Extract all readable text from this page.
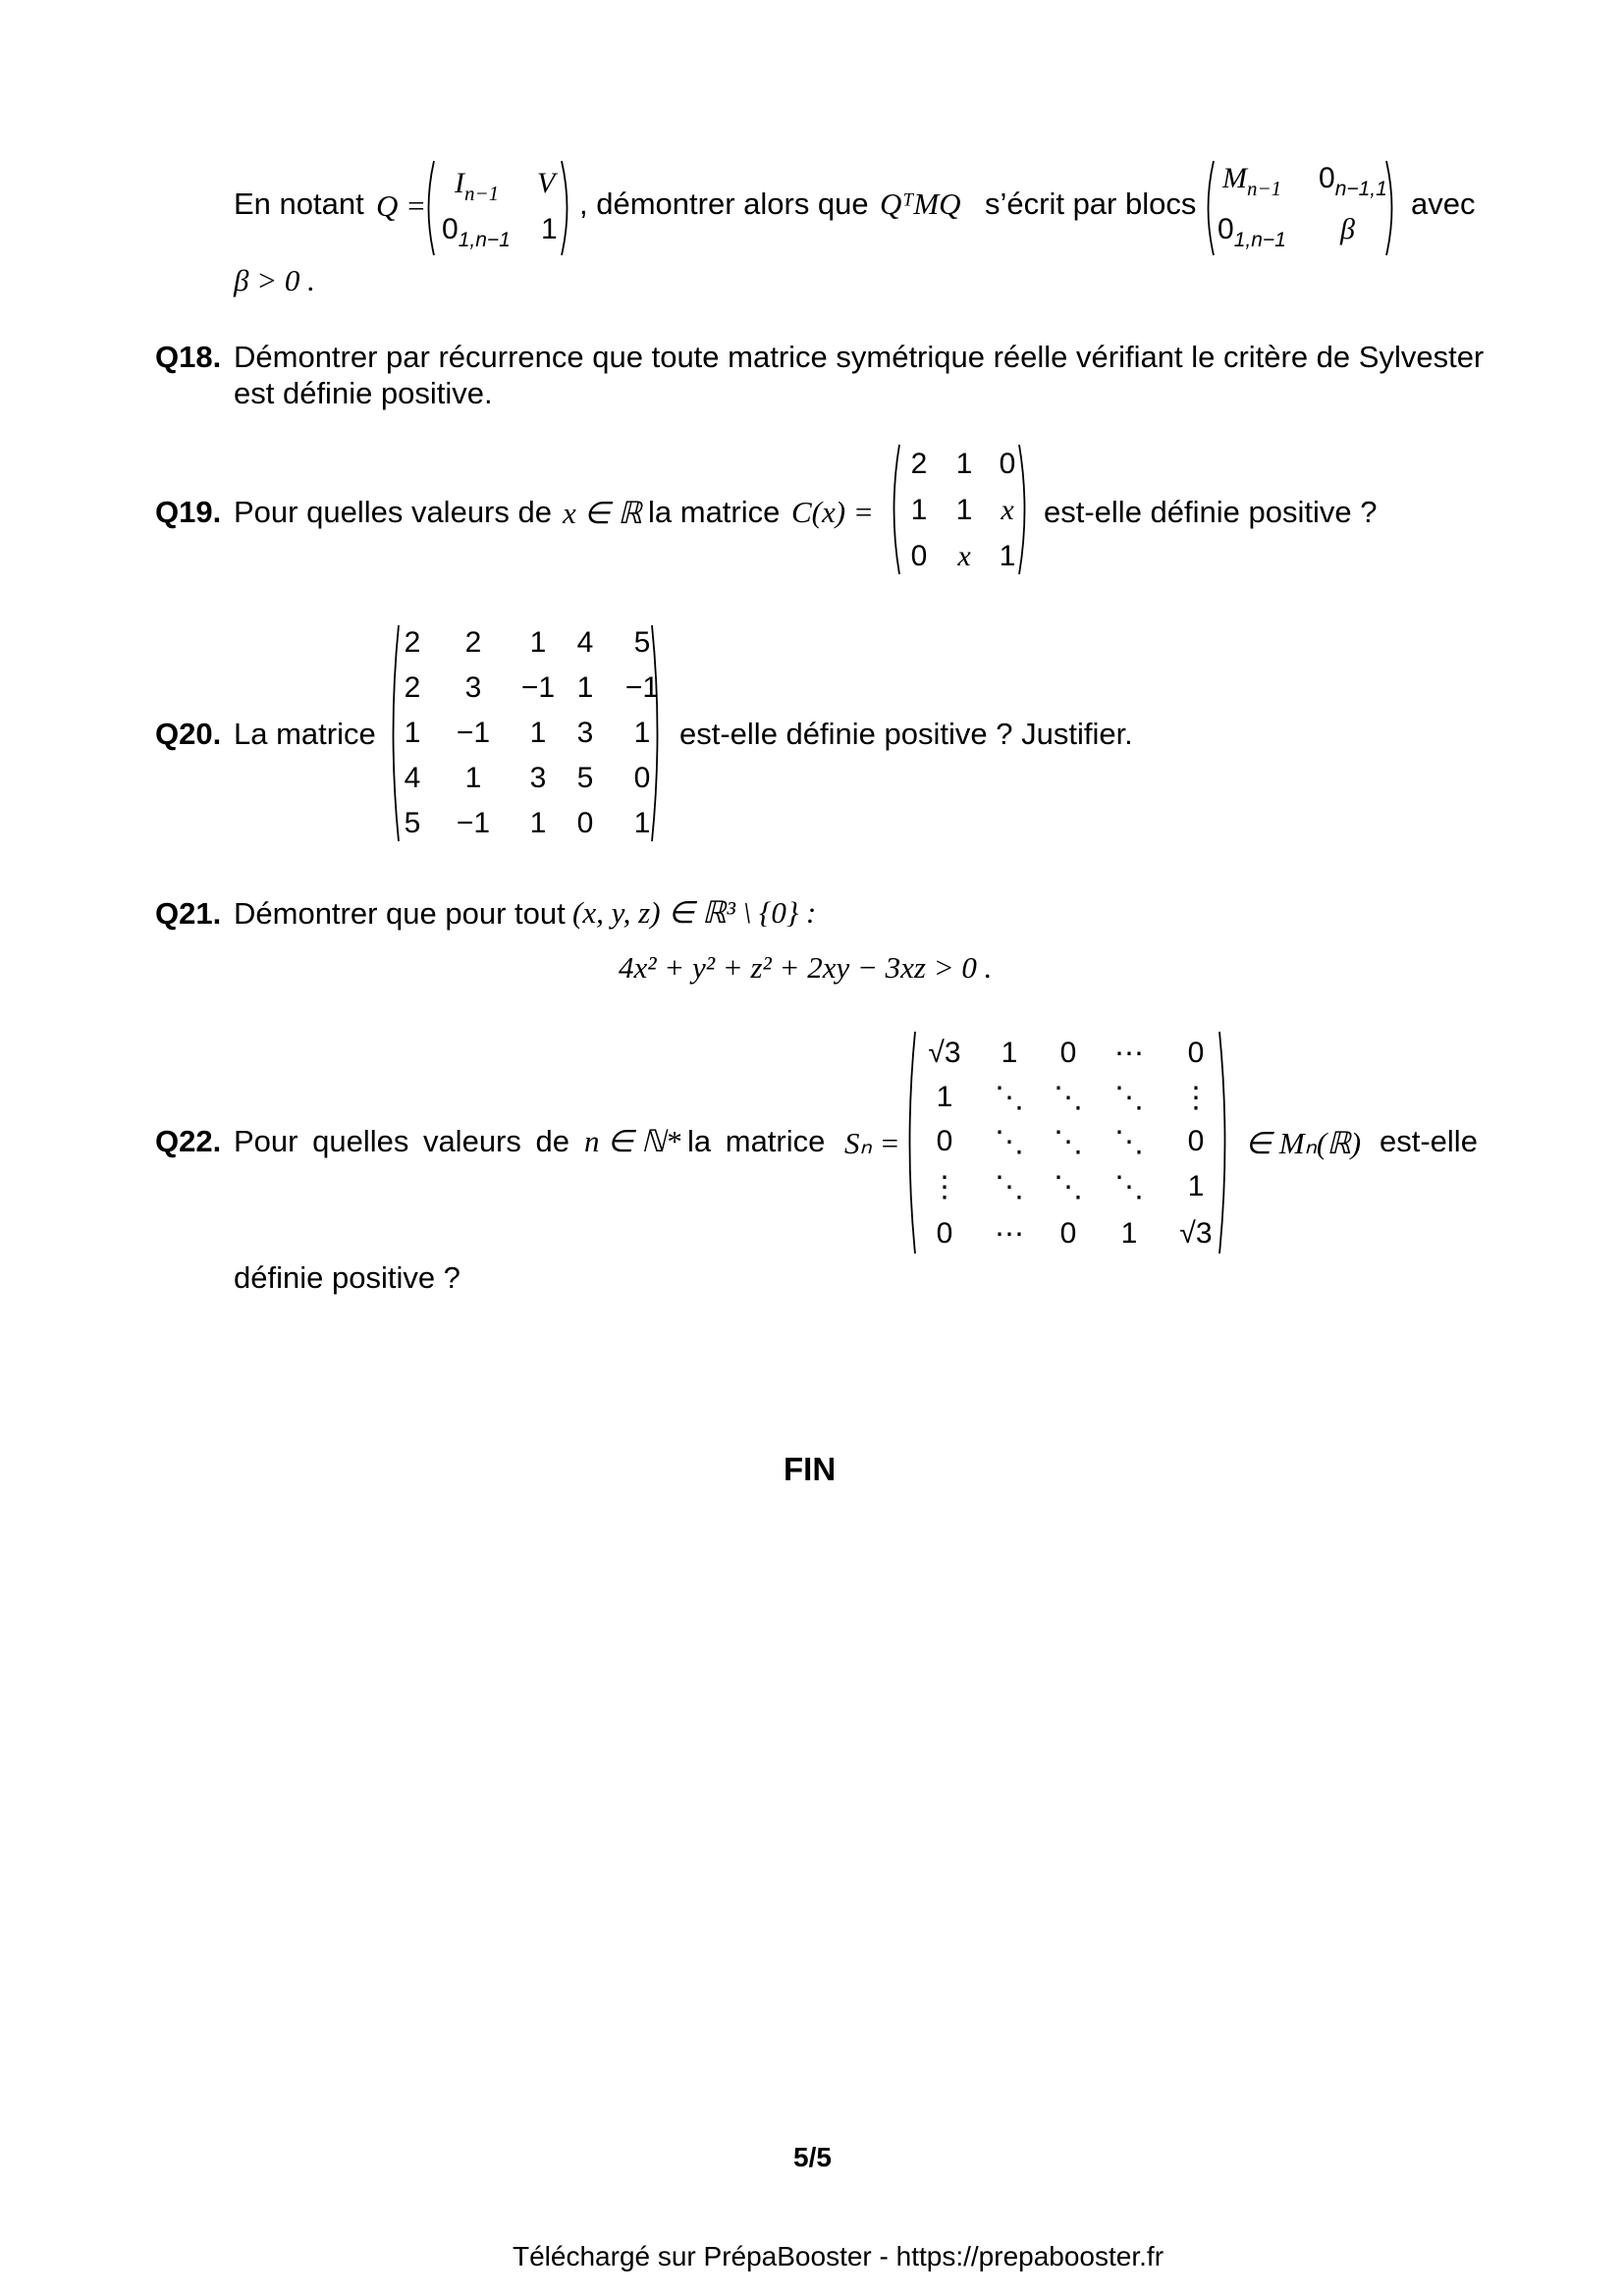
En notant Q =
$I_{n-1}$ V
$0_{1,n-1}$ 1
, démontrer alors que QᵀMQ s’écrit par blocs
$M_{n-1}$ $0_{n-1,1}$
$0_{1,n-1}$ β
avec
β > 0 .
Q18. Démontrer par récurrence que toute matrice symétrique réelle vérifiant le critère de Sylvester
est définie positive.
Q19. Pour quelles valeurs de x ∈ ℝ la matrice C(x) =
2 1 0
1 1 x
0	x 1
est-elle définie positive ?
Q20. La matrice
2	2	1	4	5
2	3	−1 1	−1
1	−1	1	3	1
4	1	3	5	0
5	−1	1	0	1
est-elle définie positive ? Justifier.
Q21. Démontrer que pour tout (x, y, z) ∈ ℝ³ \ {0} :
4x² + y² + z² + 2xy − 3xz > 0 .
Q22. Pour quelles valeurs de n ∈ ℕ* la matrice Sₙ =
√3	1	0	⋯	0
1	⋱	⋱	⋱	⋮
0	⋱	⋱	⋱	0
⋮	⋱	⋱	⋱	1
0	⋯	0	1	√3
∈ Mₙ(ℝ) est-elle
définie positive ?
FIN
5/5
Téléchargé sur PrépaBooster - https://prepabooster.fr
